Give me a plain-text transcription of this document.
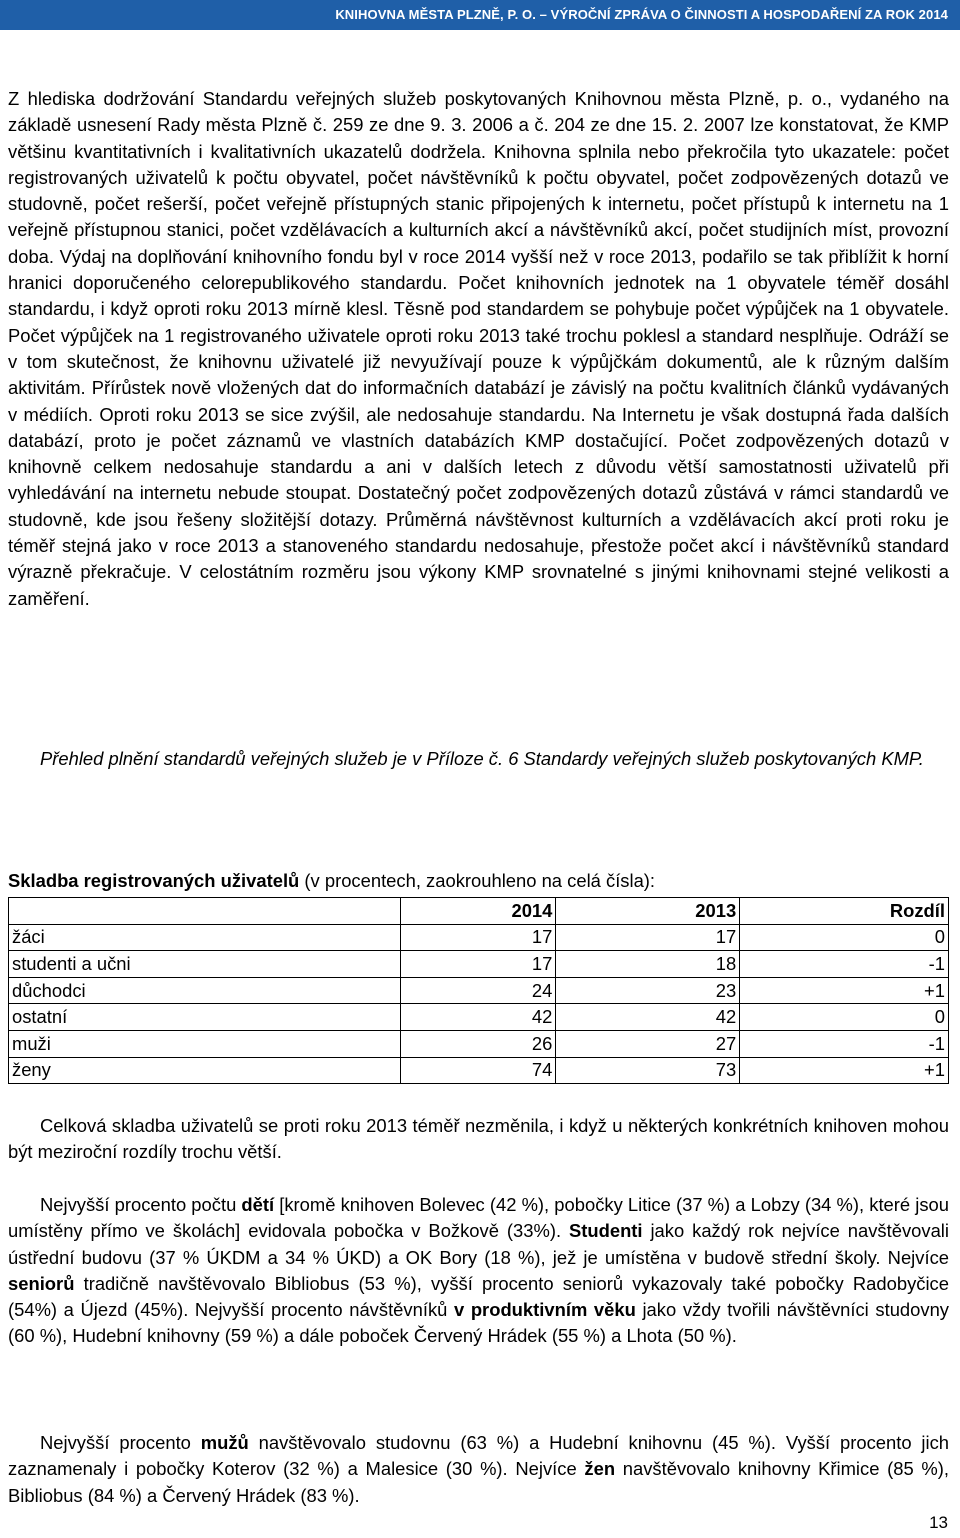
KNIHOVNA MĚSTA PLZNĚ, P. O. – VÝROČNÍ ZPRÁVA O ČINNOSTI A HOSPODAŘENÍ ZA ROK 2014

Z hlediska dodržování Standardu veřejných služeb poskytovaných Knihovnou města Plzně, p. o., vydaného na základě usnesení Rady města Plzně č. 259 ze dne 9. 3. 2006 a č. 204 ze dne 15. 2. 2007 lze konstatovat, že KMP většinu kvantitativních i kvalitativních ukazatelů dodržela. Knihovna splnila nebo překročila tyto ukazatele: počet registrovaných uživatelů k počtu obyvatel, počet návštěvníků k počtu obyvatel, počet zodpovězených dotazů ve studovně, počet rešerší, počet veřejně přístupných stanic připojených k internetu, počet přístupů k internetu na 1 veřejně přístupnou stanici, počet vzdělávacích a kulturních akcí a návštěvníků akcí, počet studijních míst, provozní doba. Výdaj na doplňování knihovního fondu byl v roce 2014 vyšší než v roce 2013, podařilo se tak přiblížit k horní hranici doporučeného celorepublikového standardu. Počet knihovních jednotek na 1 obyvatele téměř dosáhl standardu, i když oproti roku 2013 mírně klesl. Těsně pod standardem se pohybuje počet výpůjček na 1 obyvatele. Počet výpůjček na 1 registrovaného uživatele oproti roku 2013 také trochu poklesl a standard nesplňuje. Odráží se v tom skutečnost, že knihovnu uživatelé již nevyužívají pouze k výpůjčkám dokumentů, ale k různým dalším aktivitám. Přírůstek nově vložených dat do informačních databází je závislý na počtu kvalitních článků vydávaných v médiích. Oproti roku 2013 se sice zvýšil, ale nedosahuje standardu. Na Internetu je však dostupná řada dalších databází, proto je počet záznamů ve vlastních databázích KMP dostačující. Počet zodpovězených dotazů v knihovně celkem nedosahuje standardu a ani v dalších letech z důvodu větší samostatnosti uživatelů při vyhledávání na internetu nebude stoupat. Dostatečný počet zodpovězených dotazů zůstává v rámci standardů ve studovně, kde jsou řešeny složitější dotazy. Průměrná návštěvnost kulturních a vzdělávacích akcí proti roku je téměř stejná jako v roce 2013 a stanoveného standardu nedosahuje, přestože počet akcí i návštěvníků standard výrazně překračuje. V celostátním rozměru jsou výkony KMP srovnatelné s jinými knihovnami stejné velikosti a zaměření.

Přehled plnění standardů veřejných služeb je v Příloze č. 6 Standardy veřejných služeb poskytovaných KMP.

Skladba registrovaných uživatelů (v procentech, zaokrouhleno na celá čísla):
	2014	2013	Rozdíl
žáci	17	17	0
studenti a učni	17	18	-1
důchodci	24	23	+1
ostatní	42	42	0
muži	26	27	-1
ženy	74	73	+1

Celková skladba uživatelů se proti roku 2013 téměř nezměnila, i když u některých konkrétních knihoven mohou být meziroční rozdíly trochu větší.

Nejvyšší procento počtu dětí [kromě knihoven Bolevec (42 %), pobočky Litice (37 %) a Lobzy (34 %), které jsou umístěny přímo ve školách] evidovala pobočka v Božkově (33%). Studenti jako každý rok nejvíce navštěvovali ústřední budovu (37 % ÚKDM a 34 % ÚKD) a OK Bory (18 %), jež je umístěna v budově střední školy. Nejvíce seniorů tradičně navštěvovalo Bibliobus (53 %), vyšší procento seniorů vykazovaly také pobočky Radobyčice (54%) a Újezd (45%). Nejvyšší procento návštěvníků v produktivním věku jako vždy tvořili návštěvníci studovny (60 %), Hudební knihovny (59 %) a dále poboček Červený Hrádek (55 %) a Lhota (50 %).

Nejvyšší procento mužů navštěvovalo studovnu (63 %) a Hudební knihovnu (45 %). Vyšší procento jich zaznamenaly i pobočky Koterov (32 %) a Malesice (30 %). Nejvíce žen navštěvovalo knihovny Křimice (85 %), Bibliobus (84 %) a Červený Hrádek (83 %).

13
